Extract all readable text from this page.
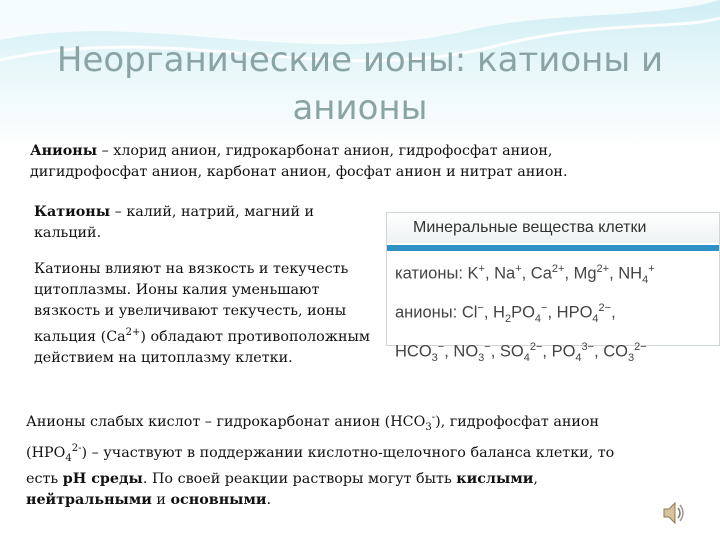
Неорганические ионы: катионы и анионы

Анионы – хлорид анион, гидрокарбонат анион, гидрофосфат анион, дигидрофосфат анион, карбонат анион, фосфат анион и нитрат анион.

Катионы – калий, натрий, магний и кальций.

Катионы влияют на вязкость и текучесть цитоплазмы. Ионы калия уменьшают вязкость и увеличивают текучесть, ионы кальция $(Са^{2+})$ обладают противоположным действием на цитоплазму клетки.

Анионы слабых кислот – гидрокарбонат анион $(НСО_3^-)$, гидрофосфат анион $(НРО_4^{2-})$ – участвуют в поддержании кислотно-щелочного баланса клетки, то есть рН среды. По своей реакции растворы могут быть кислыми, нейтральными и основными.

Минеральные вещества клетки
катионы: K+, Na+, $Ca^{2+}$, $Mg^{2+}$, $NH_4^+$
анионы: Cl−, $H_2PO_4^-$, $HPO_4^{2-}$,
$HCO_3^-$, $NO_3^-$, $SO_4^{2-}$, $PO_4^{3-}$, $CO_3^{2-}$
